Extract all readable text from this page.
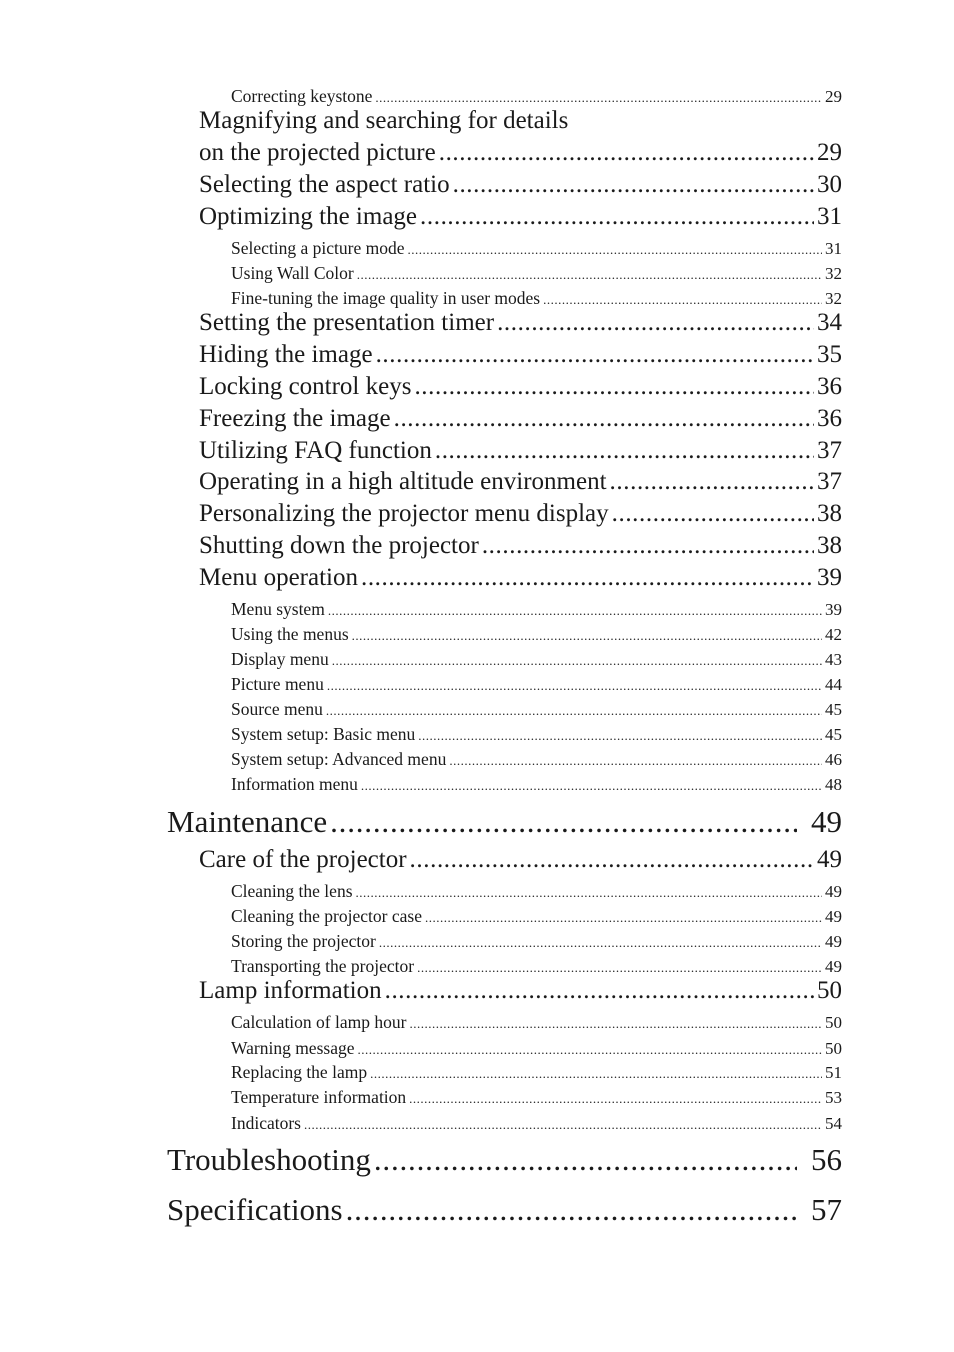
Correcting keystone .....	29
Magnifying and searching for details
on the projected picture .....	29
Selecting the aspect ratio .....	30
Optimizing the image .....	31
Selecting a picture mode .....	31
Using Wall Color .....	32
Fine-tuning the image quality in user modes .....	32
Setting the presentation timer .....	34
Hiding the image .....	35
Locking control keys .....	36
Freezing the image .....	36
Utilizing FAQ function .....	37
Operating in a high altitude environment .....	37
Personalizing the projector menu display .....	38
Shutting down the projector .....	38
Menu operation .....	39
Menu system .....	39
Using the menus .....	42
Display menu .....	43
Picture menu .....	44
Source menu .....	45
System setup: Basic menu .....	45
System setup: Advanced menu .....	46
Information menu .....	48
Maintenance .....	49
Care of the projector .....	49
Cleaning the lens .....	49
Cleaning the projector case .....	49
Storing the projector .....	49
Transporting the projector .....	49
Lamp information .....	50
Calculation of lamp hour .....	50
Warning message .....	50
Replacing the lamp .....	51
Temperature information .....	53
Indicators .....	54
Troubleshooting .....	56
Specifications .....	57
